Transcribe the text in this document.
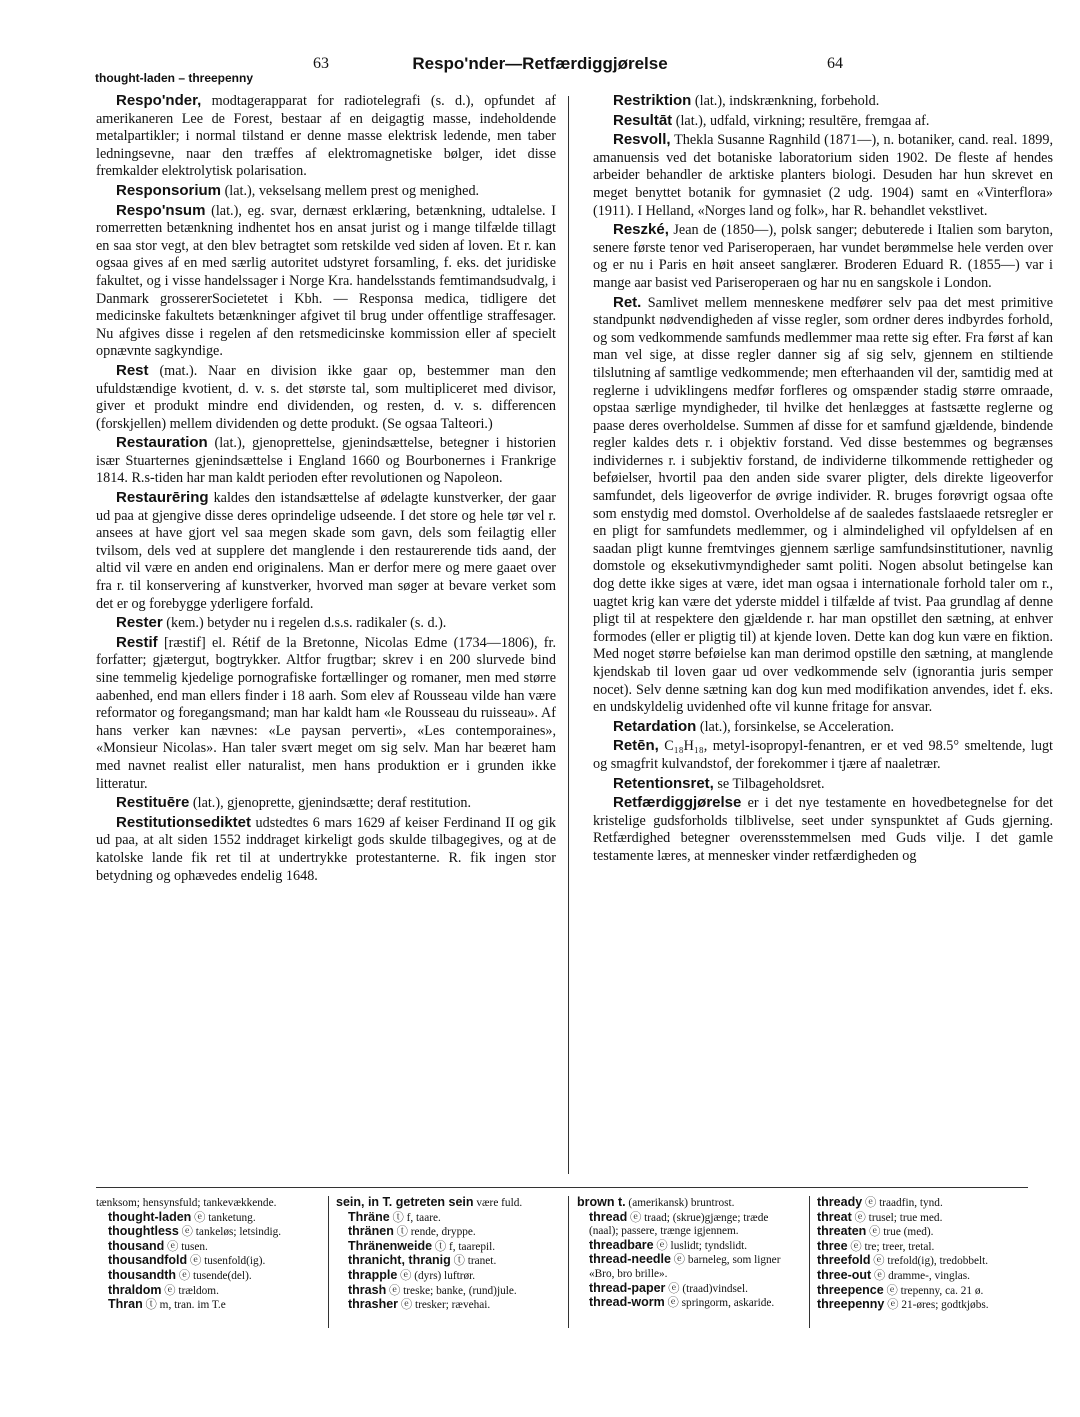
63	Respo'nder—Retfærdiggjørelse	64
thought-laden – threepenny

Respo'nder, modtagerapparat for radiotelegrafi (s. d.), opfundet af amerikaneren Lee de Forest, bestaar af en deigagtig masse, indeholdende metalpartikler; i normal tilstand er denne masse elektrisk ledende, men taber ledningsevne, naar den træffes af elektromagnetiske bølger, idet disse fremkalder elektrolytisk polarisation.

Responsorium (lat.), vekselsang mellem prest og menighed.

Respo'nsum (lat.), eg. svar, dernæst erklæring, betænkning, udtalelse. I romerretten betænkning indhentet hos en ansat jurist og i mange tilfælde tillagt en saa stor vegt, at den blev betragtet som retskilde ved siden af loven. Et r. kan ogsaa gives af en med særlig autoritet udstyret forsamling, f. eks. det juridiske fakultet, og i visse handelssager i Norge Kra. handelsstands femtimandsudvalg, i Danmark grossererSocietetet i Kbh. — Responsa medica, tidligere det medicinske fakultets betænkninger afgivet til brug under offentlige straffesager. Nu afgives disse i regelen af den retsmedicinske kommission eller af specielt opnævnte sagkyndige.

Rest (mat.). Naar en division ikke gaar op, bestemmer man den ufuldstændige kvotient, d. v. s. det største tal, som multipliceret med divisor, giver et produkt mindre end dividenden, og resten, d. v. s. differencen (forskjellen) mellem dividenden og dette produkt. (Se ogsaa Talteori.)

Restauration (lat.), gjenoprettelse, gjenindsættelse, betegner i historien især Stuarternes gjenindsættelse i England 1660 og Bourbonernes i Frankrige 1814. R.s-tiden har man kaldt perioden efter revolutionen og Napoleon.

Restaurēring kaldes den istandsættelse af ødelagte kunstverker, der gaar ud paa at gjengive disse deres oprindelige udseende. I det store og hele tør vel r. ansees at have gjort vel saa megen skade som gavn, dels som feilagtig eller tvilsom, dels ved at supplere det manglende i den restaurerende tids aand, der altid vil være en anden end originalens. Man er derfor mere og mere gaaet over fra r. til konservering af kunstverker, hvorved man søger at bevare verket som det er og forebygge yderligere forfald.

Rester (kem.) betyder nu i regelen d.s.s. radikaler (s. d.).

Restif [ræstif] el. Rétif de la Bretonne, Nicolas Edme (1734—1806), fr. forfatter; gjætergut, bogtrykker. Altfor frugtbar; skrev i en 200 slurvede bind sine temmelig kjedelige pornografiske fortællinger og romaner, men med større aabenhed, end man ellers finder i 18 aarh. Som elev af Rousseau vilde han være reformator og foregangsmand; man har kaldt ham «le Rousseau du ruisseau». Af hans verker kan nævnes: «Le paysan perverti», «Les contemporaines», «Monsieur Nicolas». Han taler svært meget om sig selv. Man har beæret ham med navnet realist eller naturalist, men hans produktion er i grunden ikke litteratur.

Restituēre (lat.), gjenoprette, gjenindsætte; deraf restitution.

Restitutionsediktet udstedtes 6 mars 1629 af keiser Ferdinand II og gik ud paa, at alt siden 1552 inddraget kirkeligt gods skulde tilbagegives, og at de katolske lande fik ret til at undertrykke protestanterne. R. fik ingen stor betydning og ophævedes endelig 1648.

Restriktion (lat.), indskrænkning, forbehold.

Resultāt (lat.), udfald, virkning; resultēre, fremgaa af.

Resvoll, Thekla Susanne Ragnhild (1871—), n. botaniker, cand. real. 1899, amanuensis ved det botaniske laboratorium siden 1902. De fleste af hendes arbeider behandler de arktiske planters biologi. Desuden har hun skrevet en meget benyttet botanik for gymnasiet (2 udg. 1904) samt en «Vinterflora» (1911). I Helland, «Norges land og folk», har R. behandlet vekstlivet.

Reszké, Jean de (1850—), polsk sanger; debuterede i Italien som baryton, senere første tenor ved Pariseroperaen, har vundet berømmelse hele verden over og er nu i Paris en høit anseet sanglærer. Broderen Eduard R. (1855—) var i mange aar basist ved Pariseroperaen og har nu en sangskole i London.

Ret. Samlivet mellem menneskene medfører selv paa det mest primitive standpunkt nødvendigheden af visse regler, som ordner deres indbyrdes forhold, og som vedkommende samfunds medlemmer maa rette sig efter. Fra først af kan man vel sige, at disse regler danner sig af sig selv, gjennem en stiltiende tilslutning af samtlige vedkommende; men efterhaanden vil der, samtidig med at reglerne i udviklingens medfør forfleres og omspænder stadig større omraade, opstaa særlige myndigheder, til hvilke det henlægges at fastsætte reglerne og paase deres overholdelse. Summen af disse for et samfund gjældende, bindende regler kaldes dets r. i objektiv forstand. Ved disse bestemmes og begrænses individernes r. i subjektiv forstand, de individerne tilkommende rettigheder og beføielser, hvortil paa den anden side svarer pligter, dels direkte ligeoverfor samfundet, dels ligeoverfor de øvrige individer. R. bruges forøvrigt ogsaa ofte som enstydig med domstol. Overholdelse af de saaledes fastslaaede retsregler er en pligt for samfundets medlemmer, og i almindelighed vil opfyldelsen af en saadan pligt kunne fremtvinges gjennem særlige samfundsinstitutioner, navnlig domstole og eksekutivmyndigheder samt politi. Nogen absolut betingelse kan dog dette ikke siges at være, idet man ogsaa i internationale forhold taler om r., uagtet krig kan være det yderste middel i tilfælde af tvist. Paa grundlag af denne pligt til at respektere den gjældende r. har man opstillet den sætning, at enhver formodes (eller er pligtig til) at kjende loven. Dette kan dog kun være en fiktion. Med noget større beføielse kan man derimod opstille den sætning, at manglende kjendskab til loven gaar ud over vedkommende selv (ignorantia juris semper nocet). Selv denne sætning kan dog kun med modifikation anvendes, idet f. eks. en undskyldelig uvidenhed ofte vil kunne fritage for ansvar.

Retardation (lat.), forsinkelse, se Acceleration.

Retēn, C₁₈H₁₈, metyl-isopropyl-fenantren, er et ved 98.5° smeltende, lugt og smagfrit kulvandstof, der forekommer i tjære af naaletrær.

Retentionsret, se Tilbageholdsret.

Retfærdiggjørelse er i det nye testamente en hovedbetegnelse for det kristelige gudsforholds tilblivelse, seet under synspunktet af Guds gjerning. Retfærdighed betegner overensstemmelsen med Guds vilje. I det gamle testamente læres, at mennesker vinder retfærdigheden og

tænksom; hensynsfuld; tankevækkende.

thought-laden ⓔ tanketung.

thoughtless ⓔ tankeløs; letsindig.

thousand ⓔ tusen.

thousandfold ⓔ tusenfold(ig).

thousandth ⓔ tusende(del).

thraldom ⓔ trældom.

Thran ⓣ m, tran. im T.e

sein, in T. getreten sein være fuld.

Thräne ⓣ f, taare.

thränen ⓣ rende, dryppe.

Thränenweide ⓣ f, taarepil.

thranicht, thranig ⓣ tranet.

thrapple ⓔ (dyrs) luftrør.

thrash ⓔ treske; banke, (rund)jule.

thrasher ⓔ tresker; rævehai.

brown t. (amerikansk) bruntrost.

thread ⓔ traad; (skrue)gjænge; træde (naal); passere, trænge igjennem.

threadbare ⓔ luslidt; tyndslidt.

thread-needle ⓔ barneleg, som ligner «Bro, bro brille».

thread-paper ⓔ (traad)vindsel.

thread-worm ⓔ springorm, askaride.

thready ⓔ traadfin, tynd.

threat ⓔ trusel; true med.

threaten ⓔ true (med).

three ⓔ tre; treer, tretal.

threefold ⓔ trefold(ig), tredobbelt.

three-out ⓔ dramme-, vinglas.

threepence ⓔ trepenny, ca. 21 ø.

threepenny ⓔ 21-øres; godtkjøbs.
